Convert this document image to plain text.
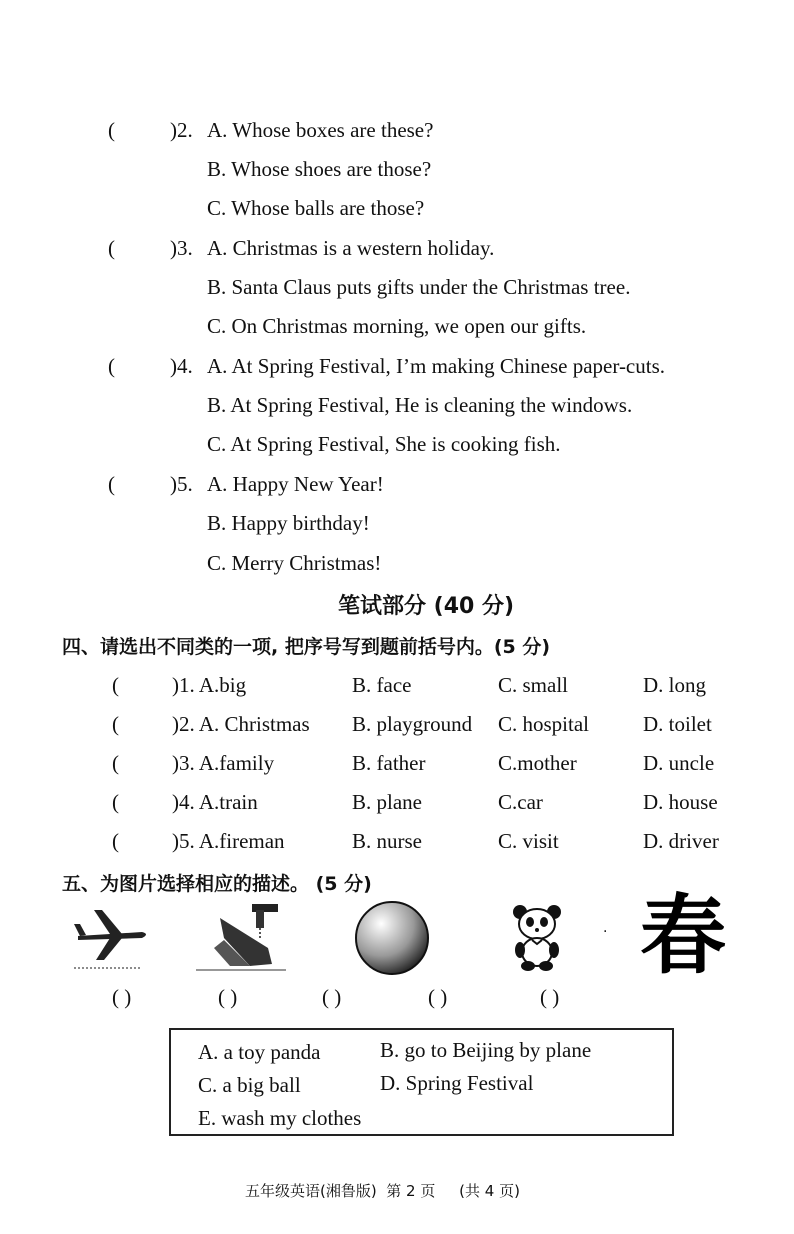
(	)2. A. Whose boxes are these?
B. Whose shoes are those?
C. Whose balls are those?
(	)3. A. Christmas is a western holiday.
B. Santa Claus puts gifts under the Christmas tree.
C. On Christmas morning, we open our gifts.
(	)4. A. At Spring Festival, I’m making Chinese paper-cuts.
B. At Spring Festival, He is cleaning the windows.
C. At Spring Festival, She is cooking fish.
(	)5. A. Happy New Year!
B. Happy birthday!
C. Merry Christmas!
笔试部分 (40 分)
四、请选出不同类的一项, 把序号写到题前括号内。(5 分)
(	)1. A.big	B. face	C. small	D. long
(	)2. A. Christmas B. playground C. hospital	D. toilet
(	)3. A.family	B. father	C.mother	D. uncle
(	)4. A.train	B. plane	C.car	D. house
(	)5. A.fireman	B. nurse	C. visit	D. driver
五、为图片选择相应的描述。 (5 分)
· 春
( )	( )	( )	( )	( )
A. a toy panda	B. go to Beijing by plane
C. a big ball	D. Spring Festival
E. wash my clothes
五年级英语(湘鲁版)  第 2 页     (共 4 页)
